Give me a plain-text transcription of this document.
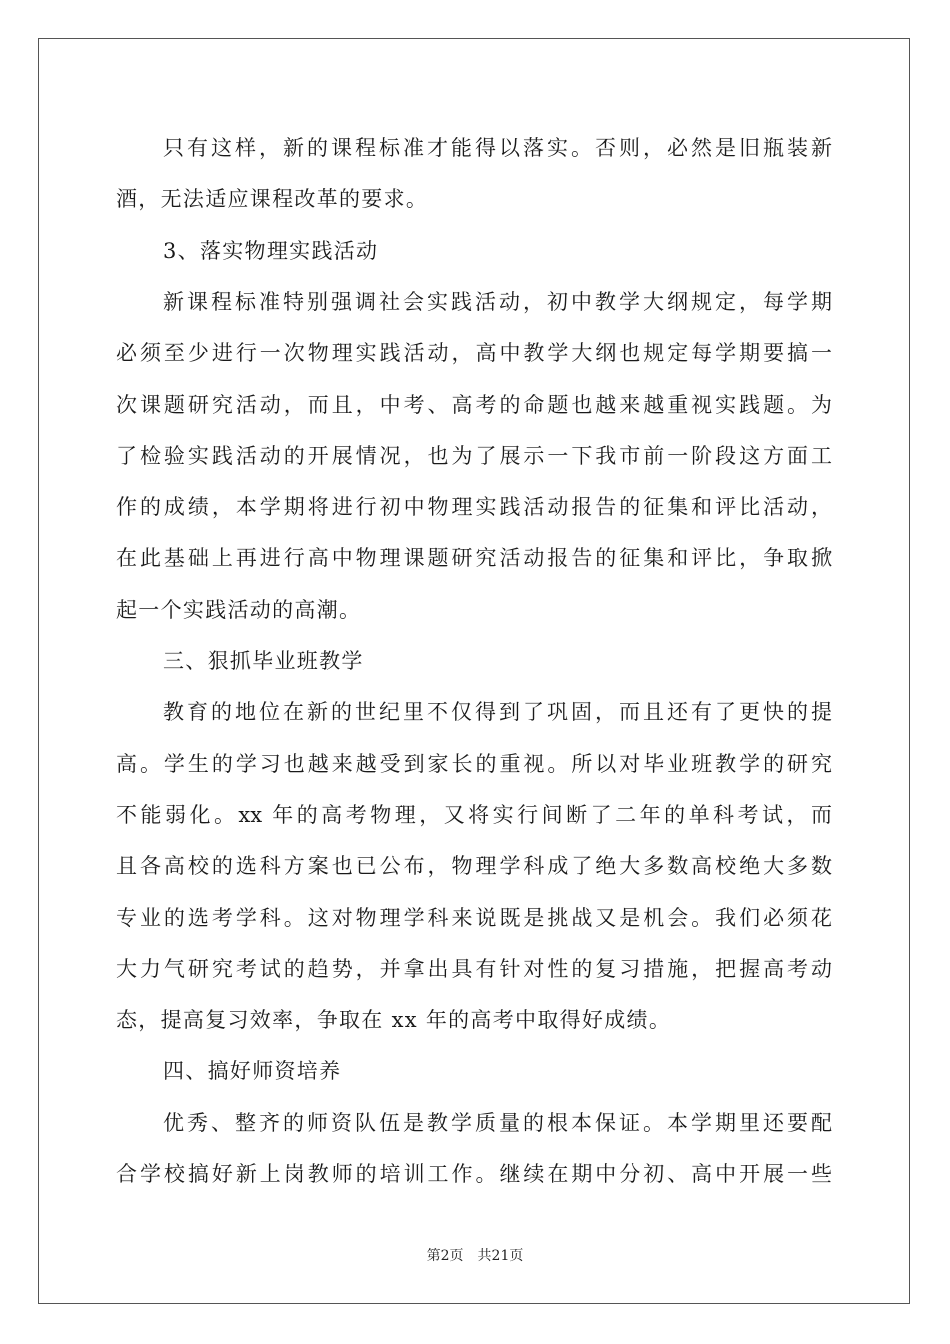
只有这样，新的课程标准才能得以落实。否则，必然是旧瓶装新
酒，无法适应课程改革的要求。
3、落实物理实践活动
新课程标准特别强调社会实践活动，初中教学大纲规定，每学期
必须至少进行一次物理实践活动，高中教学大纲也规定每学期要搞一
次课题研究活动，而且，中考、高考的命题也越来越重视实践题。为
了检验实践活动的开展情况，也为了展示一下我市前一阶段这方面工
作的成绩，本学期将进行初中物理实践活动报告的征集和评比活动，
在此基础上再进行高中物理课题研究活动报告的征集和评比，争取掀
起一个实践活动的高潮。
三、狠抓毕业班教学
教育的地位在新的世纪里不仅得到了巩固，而且还有了更快的提
高。学生的学习也越来越受到家长的重视。所以对毕业班教学的研究
不能弱化。xx 年的高考物理，又将实行间断了二年的单科考试，而
且各高校的选科方案也已公布，物理学科成了绝大多数高校绝大多数
专业的选考学科。这对物理学科来说既是挑战又是机会。我们必须花
大力气研究考试的趋势，并拿出具有针对性的复习措施，把握高考动
态，提高复习效率，争取在 xx 年的高考中取得好成绩。
四、搞好师资培养
优秀、整齐的师资队伍是教学质量的根本保证。本学期里还要配
合学校搞好新上岗教师的培训工作。继续在期中分初、高中开展一些
第2页 共21页
